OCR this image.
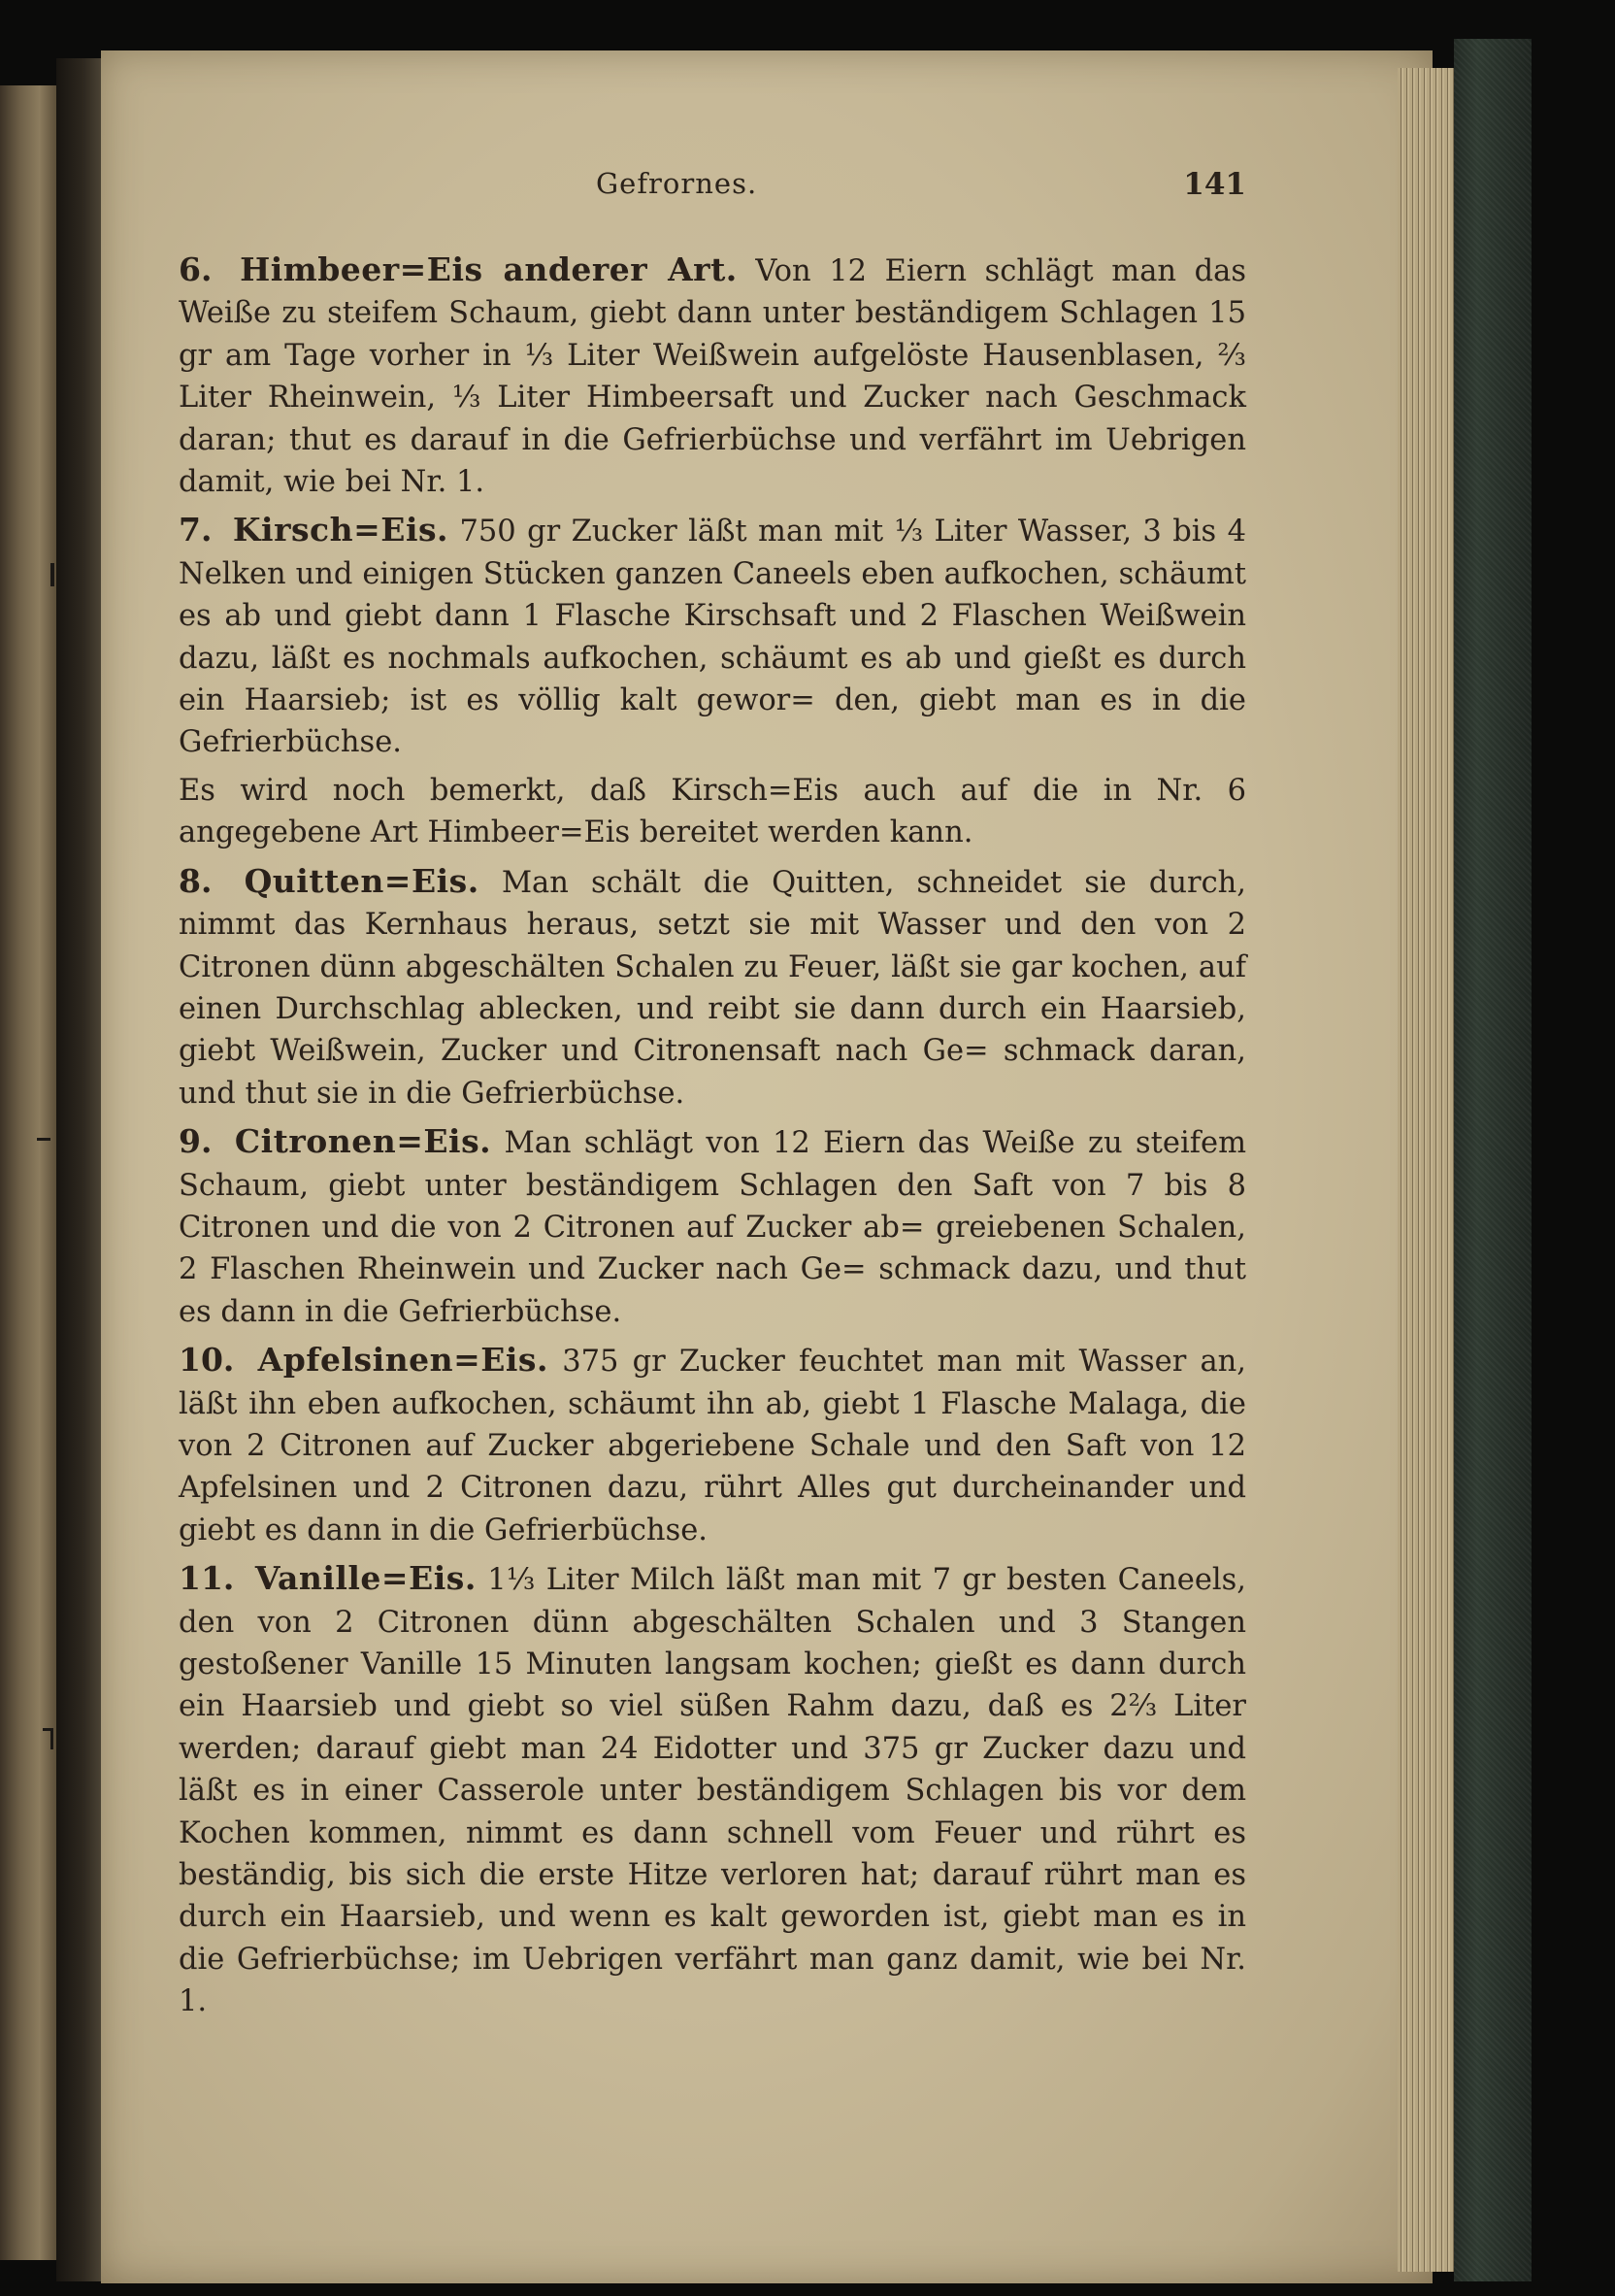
Gefrornes.	141

6. Himbeer=Eis anderer Art. Von 12 Eiern schlägt man das Weiße zu steifem Schaum, giebt dann unter beständigem Schlagen 15 gr am Tage vorher in ⅓ Liter Weißwein aufgelöste Hausenblasen, ⅔ Liter Rheinwein, ⅓ Liter Himbeersaft und Zucker nach Geschmack daran; thut es darauf in die Gefrierbüchse und verfährt im Uebrigen damit, wie bei Nr. 1.

7. Kirsch=Eis. 750 gr Zucker läßt man mit ⅓ Liter Wasser, 3 bis 4 Nelken und einigen Stücken ganzen Caneels eben aufkochen, schäumt es ab und giebt dann 1 Flasche Kirschsaft und 2 Flaschen Weißwein dazu, läßt es nochmals aufkochen, schäumt es ab und gießt es durch ein Haarsieb; ist es völlig kalt gewor= den, giebt man es in die Gefrierbüchse.

Es wird noch bemerkt, daß Kirsch=Eis auch auf die in Nr. 6 angegebene Art Himbeer=Eis bereitet werden kann.

8. Quitten=Eis. Man schält die Quitten, schneidet sie durch, nimmt das Kernhaus heraus, setzt sie mit Wasser und den von 2 Citronen dünn abgeschälten Schalen zu Feuer, läßt sie gar kochen, auf einen Durchschlag ablecken, und reibt sie dann durch ein Haarsieb, giebt Weißwein, Zucker und Citronensaft nach Ge= schmack daran, und thut sie in die Gefrierbüchse.

9. Citronen=Eis. Man schlägt von 12 Eiern das Weiße zu steifem Schaum, giebt unter beständigem Schlagen den Saft von 7 bis 8 Citronen und die von 2 Citronen auf Zucker ab= greiebenen Schalen, 2 Flaschen Rheinwein und Zucker nach Ge= schmack dazu, und thut es dann in die Gefrierbüchse.

10. Apfelsinen=Eis. 375 gr Zucker feuchtet man mit Wasser an, läßt ihn eben aufkochen, schäumt ihn ab, giebt 1 Flasche Malaga, die von 2 Citronen auf Zucker abgeriebene Schale und den Saft von 12 Apfelsinen und 2 Citronen dazu, rührt Alles gut durcheinander und giebt es dann in die Gefrierbüchse.

11. Vanille=Eis. 1⅓ Liter Milch läßt man mit 7 gr besten Caneels, den von 2 Citronen dünn abgeschälten Schalen und 3 Stangen gestoßener Vanille 15 Minuten langsam kochen; gießt es dann durch ein Haarsieb und giebt so viel süßen Rahm dazu, daß es 2⅔ Liter werden; darauf giebt man 24 Eidotter und 375 gr Zucker dazu und läßt es in einer Casserole unter beständigem Schlagen bis vor dem Kochen kommen, nimmt es dann schnell vom Feuer und rührt es beständig, bis sich die erste Hitze verloren hat; darauf rührt man es durch ein Haarsieb, und wenn es kalt geworden ist, giebt man es in die Gefrierbüchse; im Uebrigen verfährt man ganz damit, wie bei Nr. 1.
